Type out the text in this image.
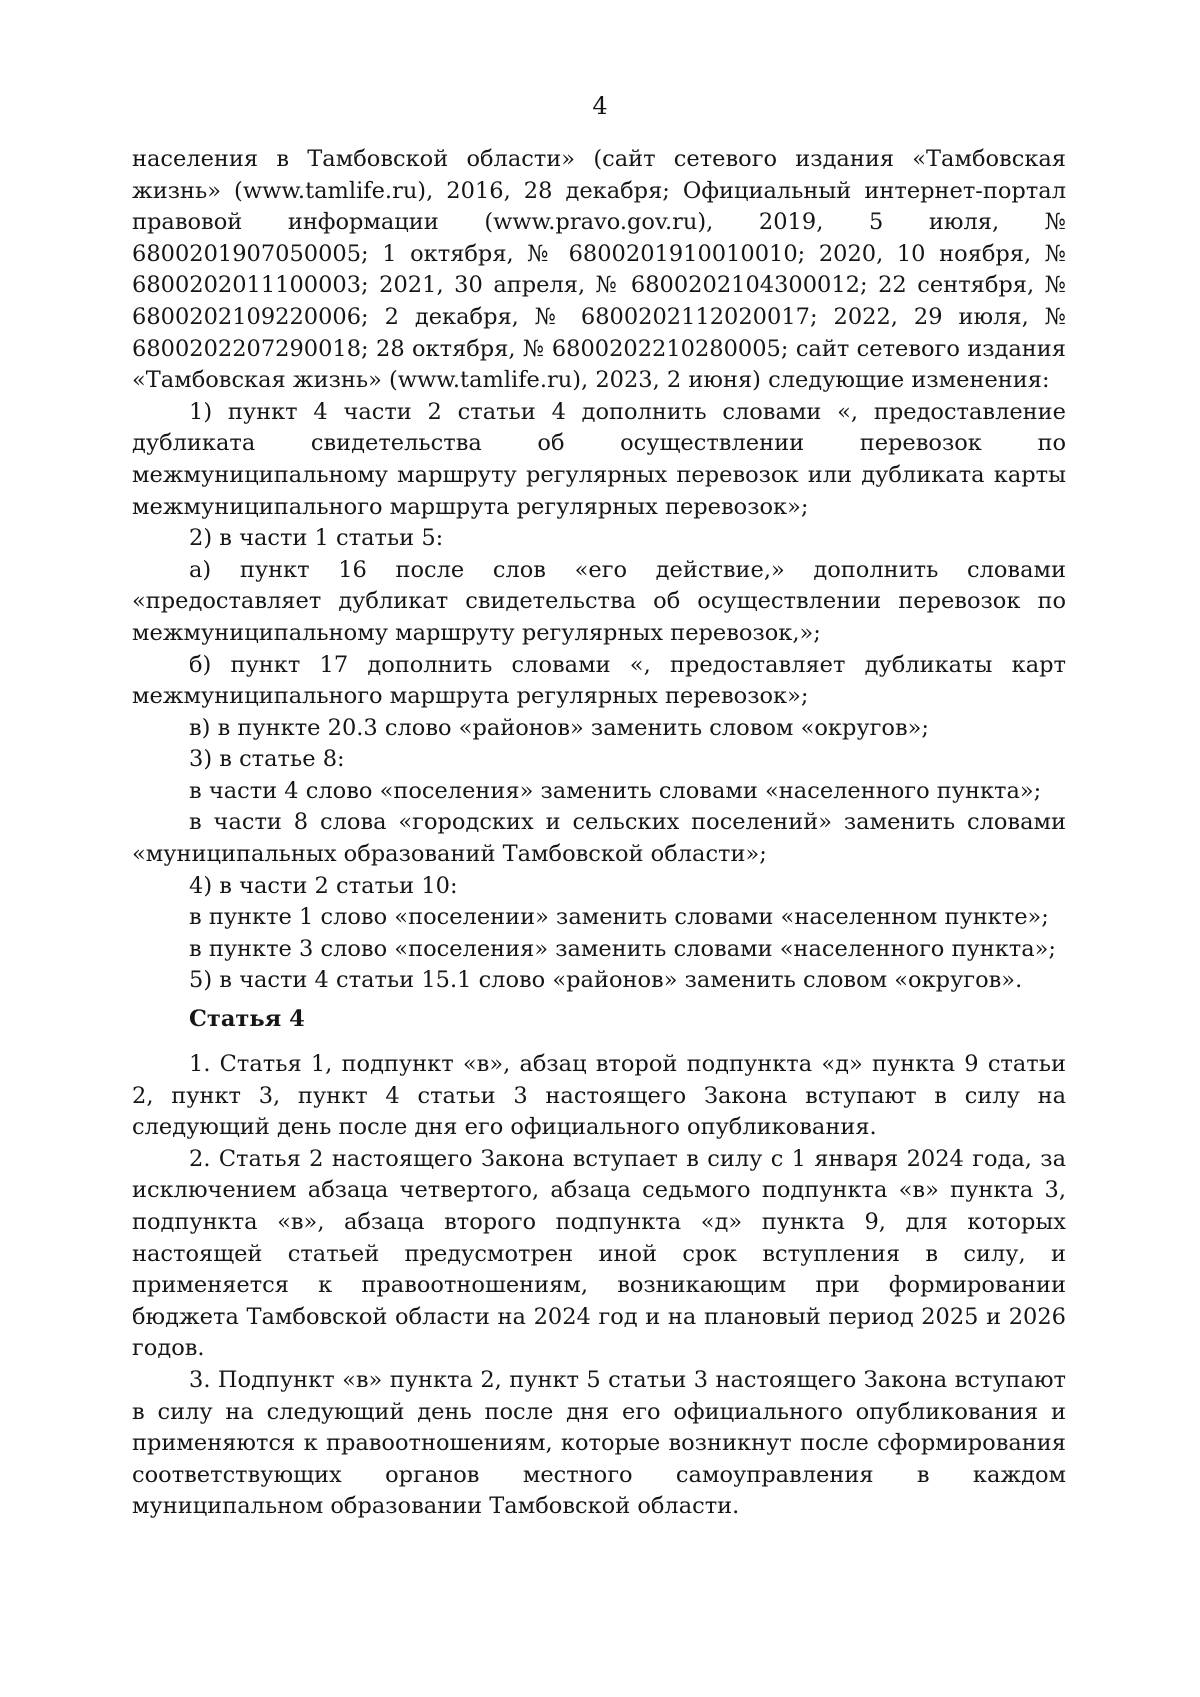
4

населения в Тамбовской области» (сайт сетевого издания «Тамбовская жизнь» (www.tamlife.ru), 2016, 28 декабря; Официальный интернет-портал правовой информации (www.pravo.gov.ru), 2019, 5 июля, № 6800201907050005; 1 октября, № 6800201910010010; 2020, 10 ноября, № 6800202011100003; 2021, 30 апреля, № 6800202104300012; 22 сентября, № 6800202109220006; 2 декабря, № 6800202112020017; 2022, 29 июля, № 6800202207290018; 28 октября, № 6800202210280005; сайт сетевого издания «Тамбовская жизнь» (www.tamlife.ru), 2023, 2 июня) следующие изменения:

1) пункт 4 части 2 статьи 4 дополнить словами «, предоставление дубликата свидетельства об осуществлении перевозок по межмуниципальному маршруту регулярных перевозок или дубликата карты межмуниципального маршрута регулярных перевозок»;

2) в части 1 статьи 5:

а) пункт 16 после слов «его действие,» дополнить словами «предоставляет дубликат свидетельства об осуществлении перевозок по межмуниципальному маршруту регулярных перевозок,»;

б) пункт 17 дополнить словами «, предоставляет дубликаты карт межмуниципального маршрута регулярных перевозок»;

в) в пункте 20.3 слово «районов» заменить словом «округов»;

3) в статье 8:

в части 4 слово «поселения» заменить словами «населенного пункта»;

в части 8 слова «городских и сельских поселений» заменить словами «муниципальных образований Тамбовской области»;

4) в части 2 статьи 10:

в пункте 1 слово «поселении» заменить словами «населенном пункте»;

в пункте 3 слово «поселения» заменить словами «населенного пункта»;

5) в части 4 статьи 15.1 слово «районов» заменить словом «округов».

Статья 4

1. Статья 1, подпункт «в», абзац второй подпункта «д» пункта 9 статьи 2, пункт 3, пункт 4 статьи 3 настоящего Закона вступают в силу на следующий день после дня его официального опубликования.

2. Статья 2 настоящего Закона вступает в силу с 1 января 2024 года, за исключением абзаца четвертого, абзаца седьмого подпункта «в» пункта 3, подпункта «в», абзаца второго подпункта «д» пункта 9, для которых настоящей статьей предусмотрен иной срок вступления в силу, и применяется к правоотношениям, возникающим при формировании бюджета Тамбовской области на 2024 год и на плановый период 2025 и 2026 годов.

3. Подпункт «в» пункта 2, пункт 5 статьи 3 настоящего Закона вступают в силу на следующий день после дня его официального опубликования и применяются к правоотношениям, которые возникнут после сформирования соответствующих органов местного самоуправления в каждом муниципальном образовании Тамбовской области.
